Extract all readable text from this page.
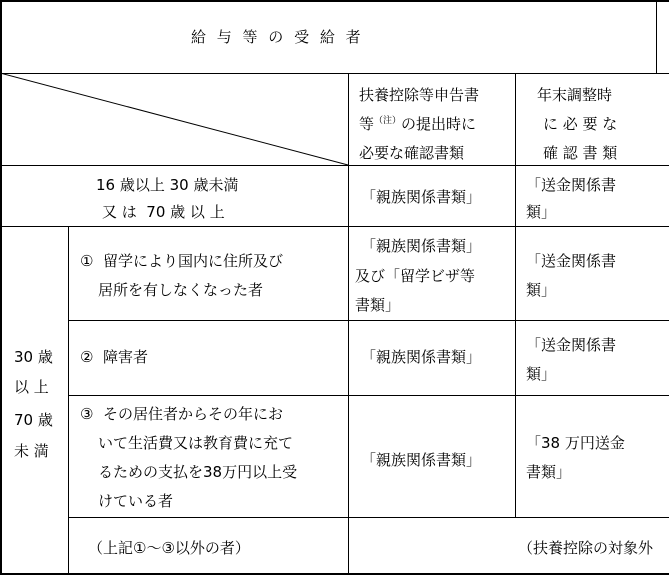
給 与 等 の 受 給 者
扶養控除等申告書
等$^{(注)}$の提出時に
必要な確認書類
年末調整時
に 必 要 な
確 認 書 類
16 歳以上 30 歳未満
又 は  70 歳 以 上
「親族関係書類」
「送金関係書
類」
30 歳
以 上
70 歳
未 満
①  留学により国内に住所及び
居所を有しなくなった者
「親族関係書類」
及び「留学ビザ等
書類」
「送金関係書
類」
②  障害者	「親族関係書類」
「送金関係書
類」
③  その居住者からその年にお
いて生活費又は教育費に充て
るための支払を38万円以上受
けている者
「親族関係書類」
「38 万円送金
書類」
（上記①～③以外の者）	（扶養控除の対象外
